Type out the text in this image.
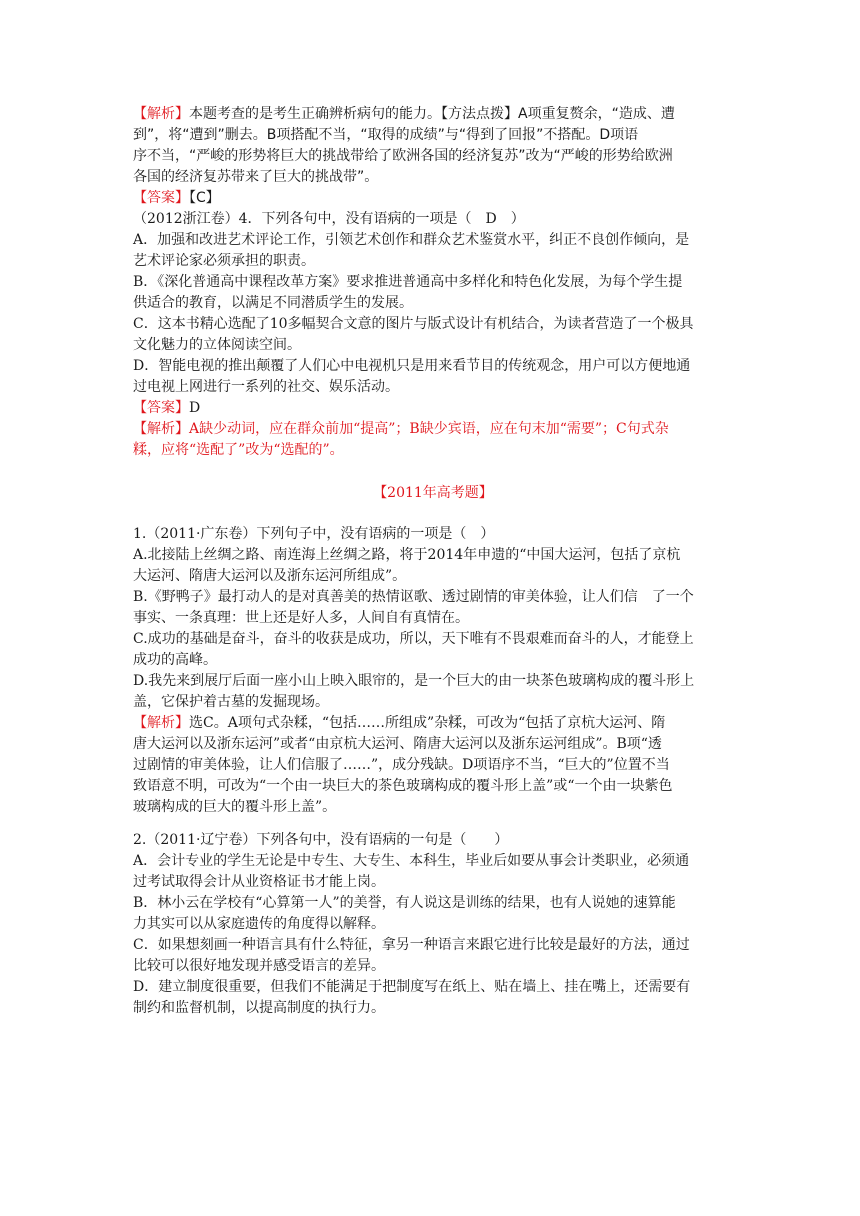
【解析】本题考查的是考生正确辨析病句的能力。【方法点拨】A项重复赘余，“造成、遭
到”，将“遭到”删去。B项搭配不当，“取得的成绩”与“得到了回报”不搭配。D项语
序不当，“严峻的形势将巨大的挑战带给了欧洲各国的经济复苏”改为“严峻的形势给欧洲
各国的经济复苏带来了巨大的挑战带”。
【答案】【C】
（2012浙江卷）4．下列各句中，没有语病的一项是（　D　）
A．加强和改进艺术评论工作，引领艺术创作和群众艺术鉴赏水平，纠正不良创作倾向，是
艺术评论家必须承担的职责。
B．《深化普通高中课程改革方案》要求推进普通高中多样化和特色化发展，为每个学生提
供适合的教育，以满足不同潜质学生的发展。
C．这本书精心选配了10多幅契合文意的图片与版式设计有机结合，为读者营造了一个极具
文化魅力的立体阅读空间。
D．智能电视的推出颠覆了人们心中电视机只是用来看节目的传统观念，用户可以方便地通
过电视上网进行一系列的社交、娱乐活动。
【答案】D
【解析】A缺少动词，应在群众前加“提高”；B缺少宾语，应在句末加“需要”；C句式杂
糅，应将“选配了”改为“选配的”。
【2011年高考题】
1.（2011·广东卷）下列句子中，没有语病的一项是（　）
A.北接陆上丝绸之路、南连海上丝绸之路，将于2014年申遗的“中国大运河，包括了京杭
大运河、隋唐大运河以及浙东运河所组成”。
B.《野鸭子》最打动人的是对真善美的热情讴歌、透过剧情的审美体验，让人们信　了一个
事实、一条真理：世上还是好人多，人间自有真情在。
C.成功的基础是奋斗，奋斗的收获是成功，所以，天下唯有不畏艰难而奋斗的人，才能登上
成功的高峰。
D.我先来到展厅后面一座小山上映入眼帘的，是一个巨大的由一块茶色玻璃构成的覆斗形上
盖，它保护着古墓的发掘现场。
【解析】选C。A项句式杂糅，“包括……所组成”杂糅，可改为“包括了京杭大运河、隋
唐大运河以及浙东运河”或者“由京杭大运河、隋唐大运河以及浙东运河组成”。B项“透
过剧情的审美体验，让人们信服了……”，成分残缺。D项语序不当，“巨大的”位置不当
致语意不明，可改为“一个由一块巨大的茶色玻璃构成的覆斗形上盖”或“一个由一块紫色
玻璃构成的巨大的覆斗形上盖”。
2.（2011·辽宁卷）下列各句中，没有语病的一句是（　　）
A．会计专业的学生无论是中专生、大专生、本科生，毕业后如要从事会计类职业，必须通
过考试取得会计从业资格证书才能上岗。
B．林小云在学校有“心算第一人”的美誉，有人说这是训练的结果，也有人说她的速算能
力其实可以从家庭遗传的角度得以解释。
C．如果想刻画一种语言具有什么特征，拿另一种语言来跟它进行比较是最好的方法，通过
比较可以很好地发现并感受语言的差异。
D．建立制度很重要，但我们不能满足于把制度写在纸上、贴在墙上、挂在嘴上，还需要有
制约和监督机制，以提高制度的执行力。
